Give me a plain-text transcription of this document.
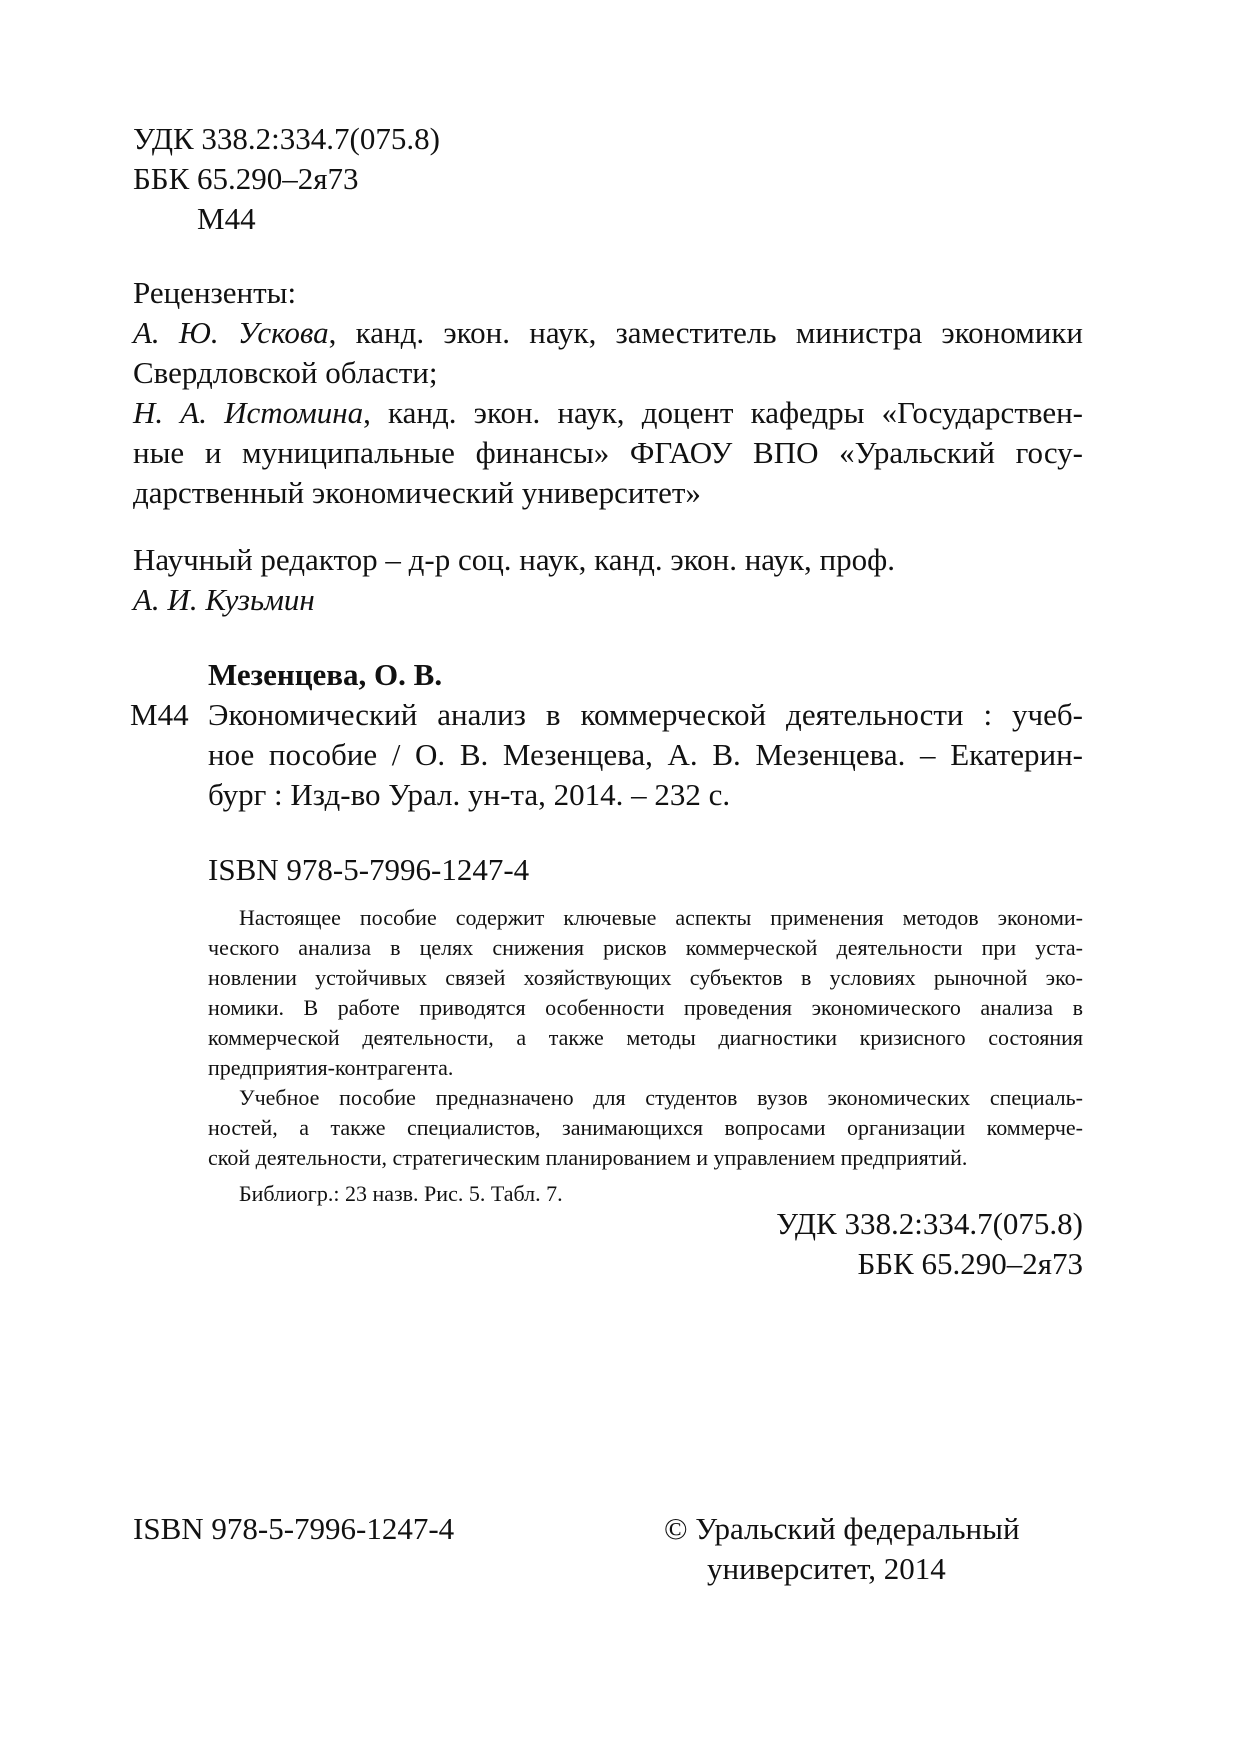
УДК 338.2:334.7(075.8)
ББК 65.290–2я73
М44
Рецензенты:
А. Ю. Ускова, канд. экон. наук, заместитель министра экономики
Свердловской области;
Н. А. Истомина, канд. экон. наук, доцент кафедры «Государствен-
ные и муниципальные финансы» ФГАОУ ВПО «Уральский госу-
дарственный экономический университет»
Научный редактор – д-р соц. наук, канд. экон. наук, проф.
А. И. Кузьмин
Мезенцева, О. В.
М44 Экономический анализ в коммерческой деятельности : учеб-
ное пособие / О. В. Мезенцева, А. В. Мезенцева. – Екатерин-
бург : Изд-во Урал. ун-та, 2014. – 232 с.
ISBN 978-5-7996-1247-4
Настоящее пособие содержит ключевые аспекты применения методов экономи-
ческого анализа в целях снижения рисков коммерческой деятельности при уста-
новлении устойчивых связей хозяйствующих субъектов в условиях рыночной эко-
номики. В работе приводятся особенности проведения экономического анализа в
коммерческой деятельности, а также методы диагностики кризисного состояния
предприятия-контрагента.
Учебное пособие предназначено для студентов вузов экономических специаль-
ностей, а также специалистов, занимающихся вопросами организации коммерче-
ской деятельности, стратегическим планированием и управлением предприятий.
Библиогр.: 23 назв. Рис. 5. Табл. 7.
УДК 338.2:334.7(075.8)
ББК 65.290–2я73
ISBN 978-5-7996-1247-4	© Уральский федеральный
университет, 2014
